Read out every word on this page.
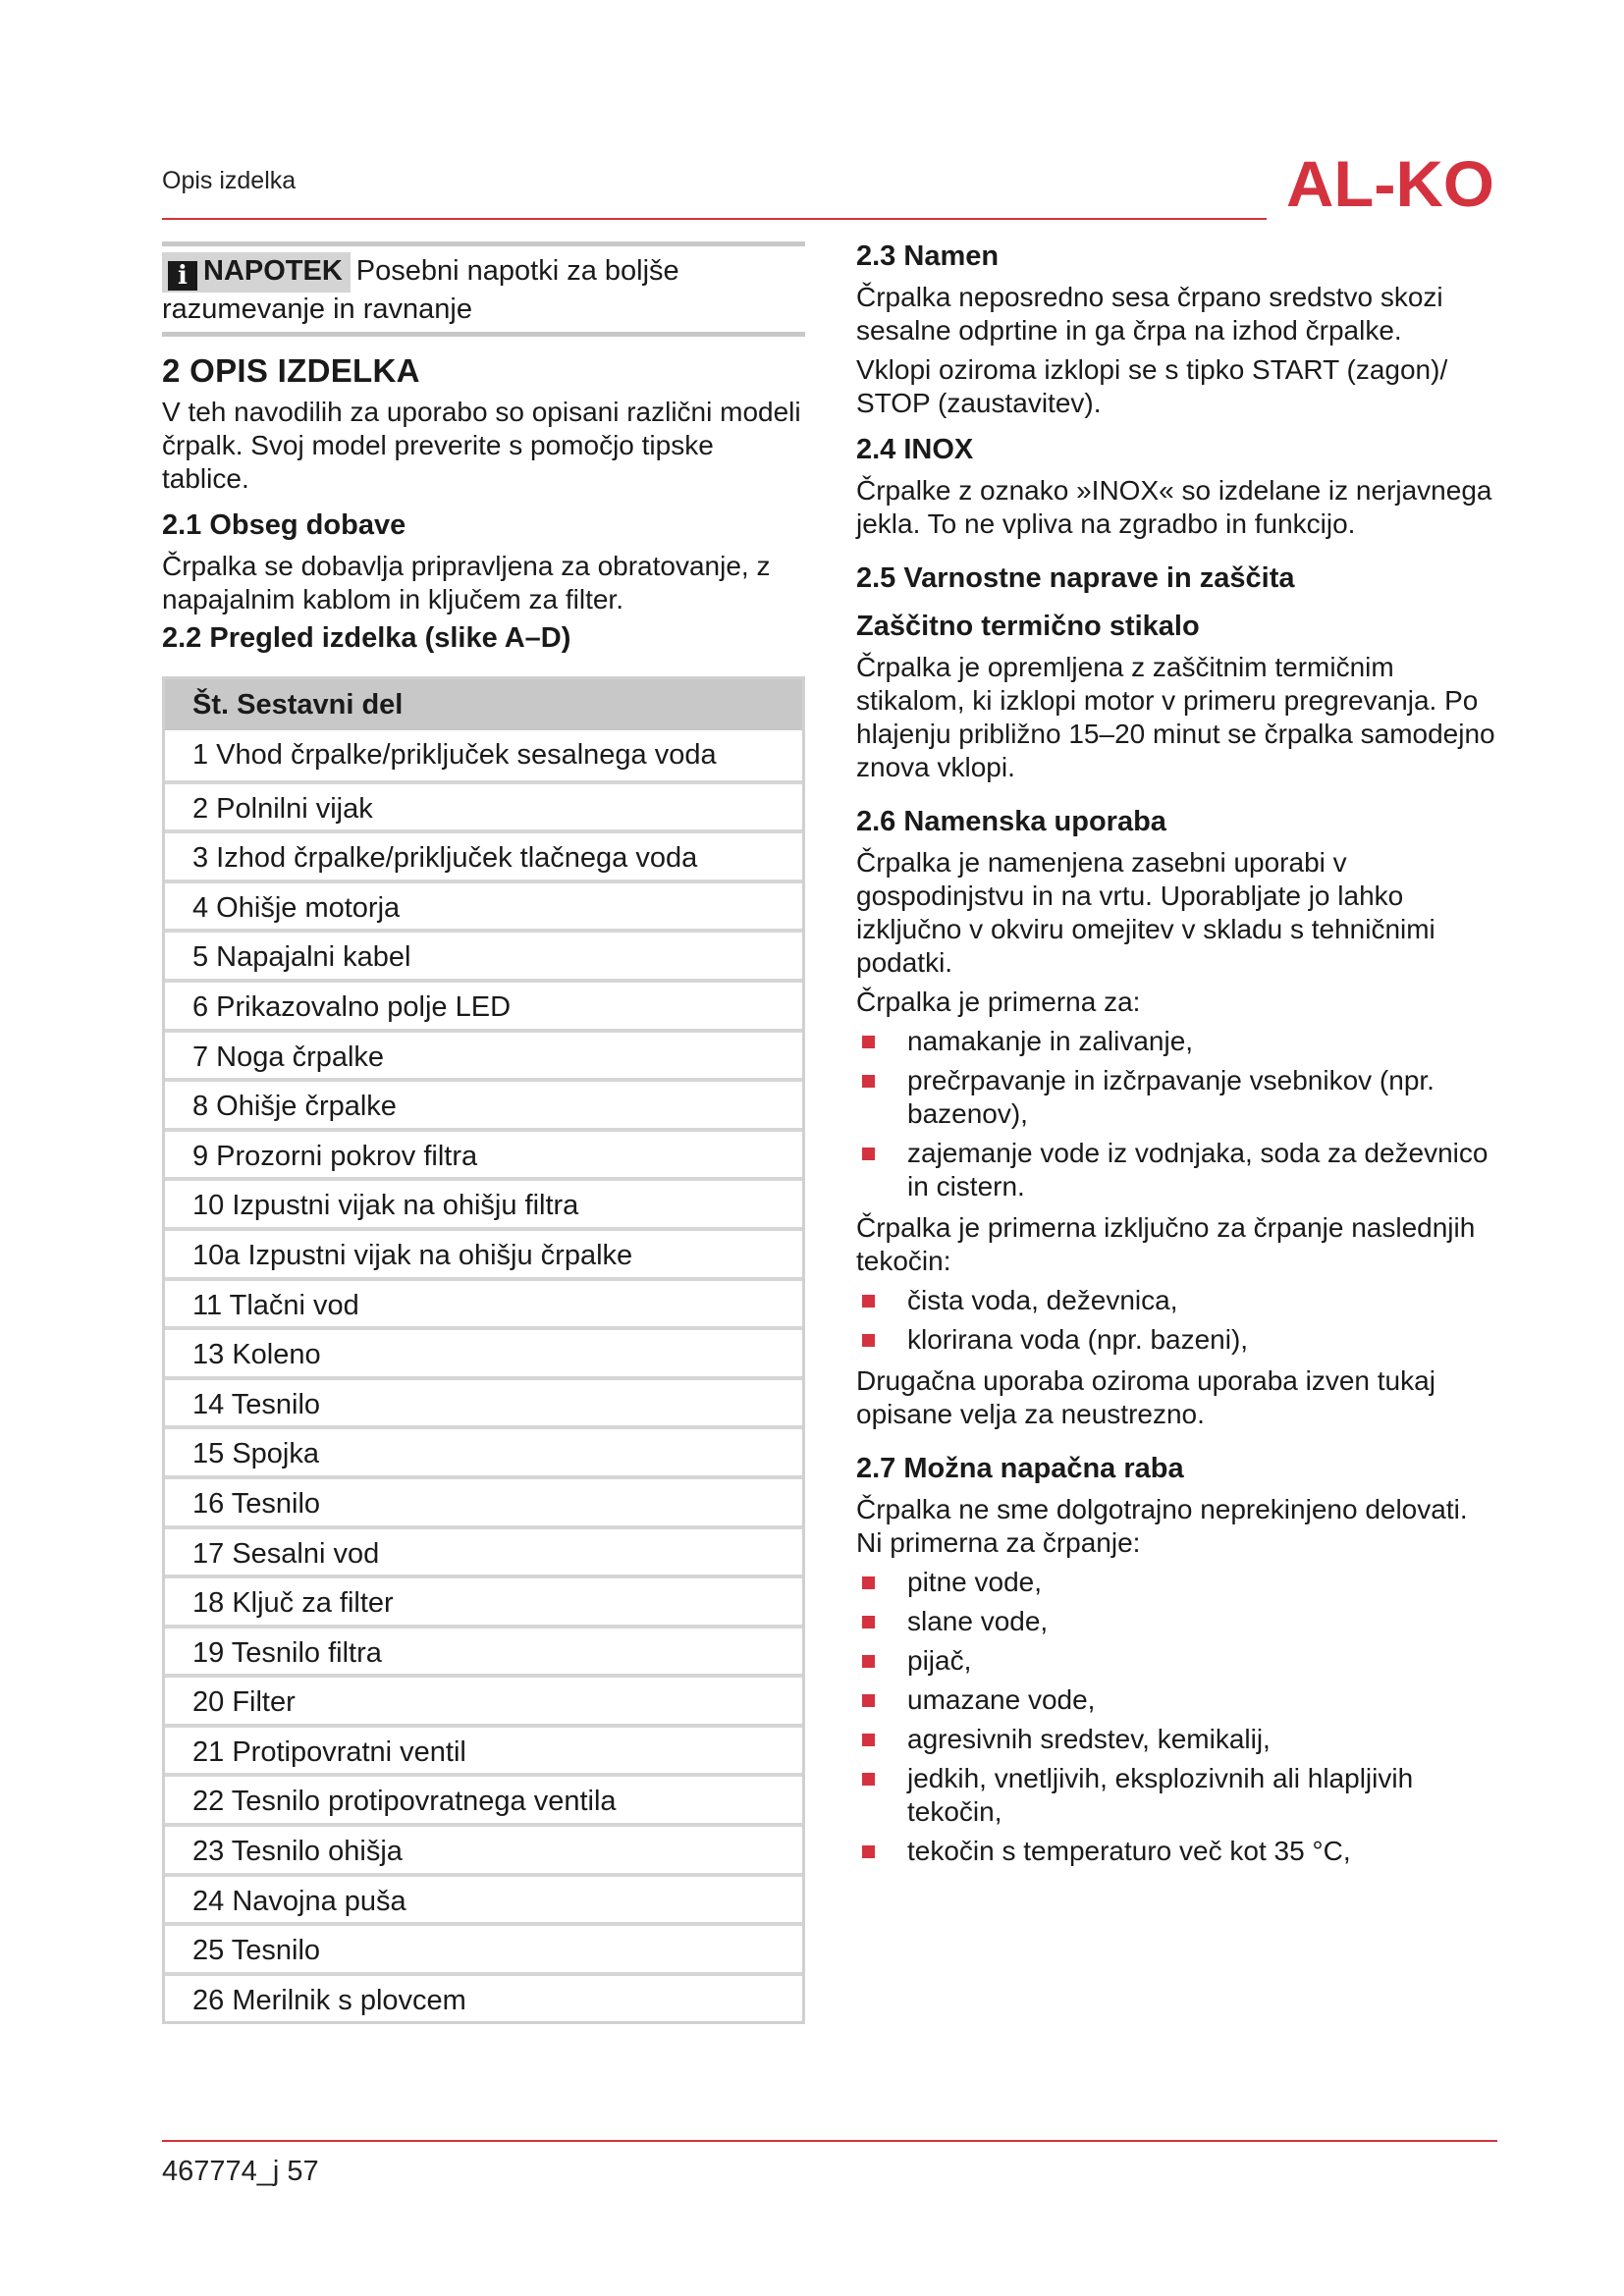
Opis izdelka	AL-KO
i NAPOTEK Posebni napotki za boljše razumevanje in ravnanje
2 OPIS IZDELKA

V teh navodilih za uporabo so opisani različni modeli črpalk. Svoj model preverite s pomočjo tipske tablice.

2.1 Obseg dobave

Črpalka se dobavlja pripravljena za obratovanje, z napajalnim kablom in ključem za filter.

2.2 Pregled izdelka (slike A–D)
Št. Sestavni del
1 Vhod črpalke/priključek sesalnega voda
2 Polnilni vijak
3 Izhod črpalke/priključek tlačnega voda
4 Ohišje motorja
5 Napajalni kabel
6 Prikazovalno polje LED
7 Noga črpalke
8 Ohišje črpalke
9 Prozorni pokrov filtra
10 Izpustni vijak na ohišju filtra
10a Izpustni vijak na ohišju črpalke
11 Tlačni vod
13 Koleno
14 Tesnilo
15 Spojka
16 Tesnilo
17 Sesalni vod
18 Ključ za filter
19 Tesnilo filtra
20 Filter
21 Protipovratni ventil
22 Tesnilo protipovratnega ventila
23 Tesnilo ohišja
24 Navojna puša
25 Tesnilo
26 Merilnik s plovcem
2.3 Namen

Črpalka neposredno sesa črpano sredstvo skozi sesalne odprtine in ga črpa na izhod črpalke.

Vklopi oziroma izklopi se s tipko START (zagon)/ STOP (zaustavitev).

2.4 INOX

Črpalke z oznako »INOX« so izdelane iz nerjavnega jekla. To ne vpliva na zgradbo in funkcijo.

2.5 Varnostne naprave in zaščita
Zaščitno termično stikalo

Črpalka je opremljena z zaščitnim termičnim stikalom, ki izklopi motor v primeru pregrevanja. Po hlajenju približno 15–20 minut se črpalka samodejno znova vklopi.

2.6 Namenska uporaba

Črpalka je namenjena zasebni uporabi v gospodinjstvu in na vrtu. Uporabljate jo lahko izključno v okviru omejitev v skladu s tehničnimi podatki.

Črpalka je primerna za:

namakanje in zalivanje,
prečrpavanje in izčrpavanje vsebnikov (npr. bazenov),
zajemanje vode iz vodnjaka, soda za deževnico in cistern.

Črpalka je primerna izključno za črpanje naslednjih tekočin:

čista voda, deževnica,
klorirana voda (npr. bazeni),

Drugačna uporaba oziroma uporaba izven tukaj opisane velja za neustrezno.

2.7 Možna napačna raba

Črpalka ne sme dolgotrajno neprekinjeno delovati. Ni primerna za črpanje:

pitne vode,
slane vode,
pijač,
umazane vode,
agresivnih sredstev, kemikalij,
jedkih, vnetljivih, eksplozivnih ali hlapljivih tekočin,
tekočin s temperaturo več kot 35 °C,
467774_j 57
